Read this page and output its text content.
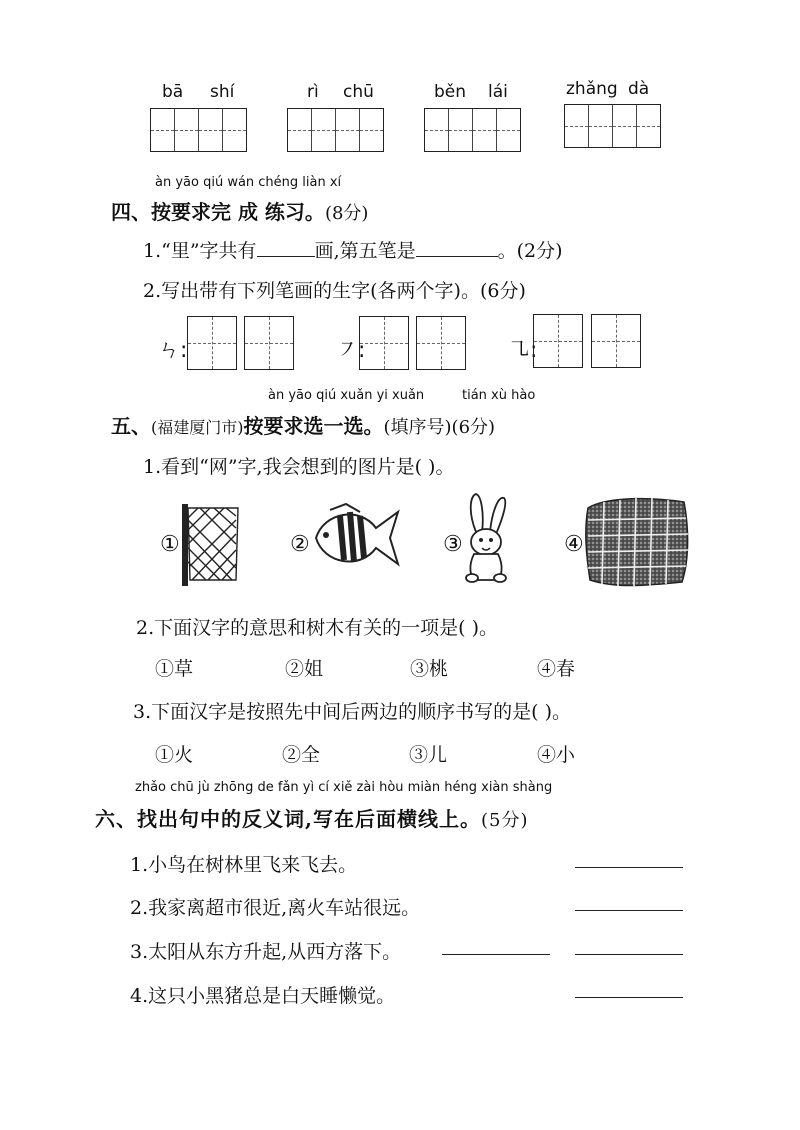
bā shí	rì chū	běn lái	zhǎng dà
àn yāo qiú wán chéng liàn xí
四、按要求完 成 练习。(8分)
1.“里”字共有	画,第五笔是	。(2分)
2.写出带有下列笔画的生字(各两个字)。(6分)
ㄣ:	㇇:	㇈:
àn yāo qiú xuǎn yi xuǎn	tián xù hào
五、(福建厦门市)按要求选一选。(填序号)(6分)
1.看到“网”字,我会想到的图片是( )。
①	②	③	④
2.下面汉字的意思和树木有关的一项是( )。
①草	②姐	③桃	④春
3.下面汉字是按照先中间后两边的顺序书写的是( )。
①火	②全	③儿	④小
zhǎo chū jù zhōng de fǎn yì cí xiě zài hòu miàn héng xiàn shàng
六、找出句中的反义词,写在后面横线上。(5分)
1.小鸟在树林里飞来飞去。
2.我家离超市很近,离火车站很远。
3.太阳从东方升起,从西方落下。
4.这只小黑猪总是白天睡懒觉。
